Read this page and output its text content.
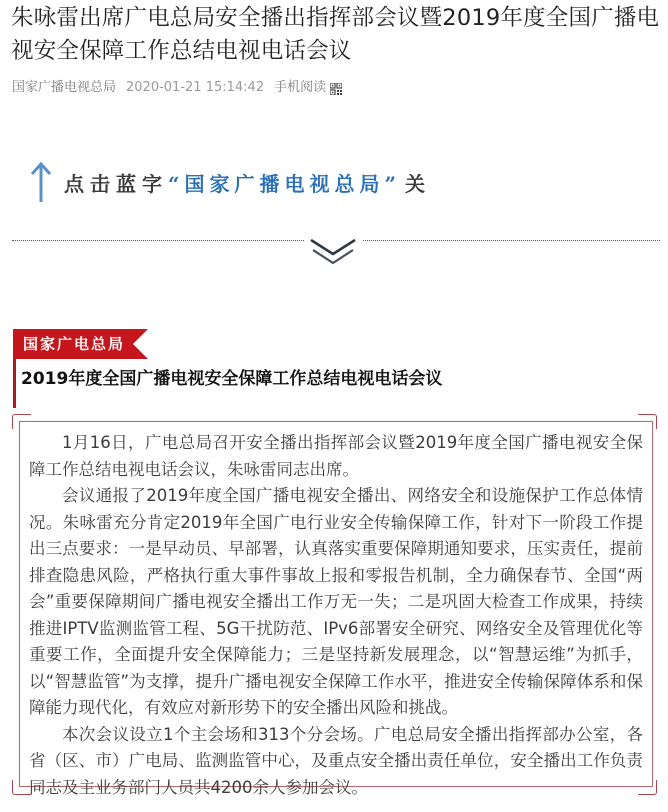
朱咏雷出席广电总局安全播出指挥部会议暨2019年度全国广播电视安全保障工作总结电视电话会议
国家广播电视总局 2020-01-21 15:14:42 手机阅读
点击蓝字 “国家广播电视总局” 关
国家广电总局
2019年度全国广播电视安全保障工作总结电视电话会议

1月16日，广电总局召开安全播出指挥部会议暨2019年度全国广播电视安全保障工作总结电视电话会议，朱咏雷同志出席。

会议通报了2019年度全国广播电视安全播出、网络安全和设施保护工作总体情况。朱咏雷充分肯定2019年全国广电行业安全传输保障工作，针对下一阶段工作提出三点要求：一是早动员、早部署，认真落实重要保障期通知要求，压实责任，提前排查隐患风险，严格执行重大事件事故上报和零报告机制，全力确保春节、全国“两会”重要保障期间广播电视安全播出工作万无一失；二是巩固大检查工作成果，持续推进IPTV监测监管工程、5G干扰防范、IPv6部署安全研究、网络安全及管理优化等重要工作，全面提升安全保障能力；三是坚持新发展理念，以“智慧运维”为抓手，以“智慧监管”为支撑，提升广播电视安全保障工作水平，推进安全传输保障体系和保障能力现代化，有效应对新形势下的安全播出风险和挑战。

本次会议设立1个主会场和313个分会场。广电总局安全播出指挥部办公室，各省（区、市）广电局、监测监管中心，及重点安全播出责任单位，安全播出工作负责同志及主业务部门人员共4200余人参加会议。
